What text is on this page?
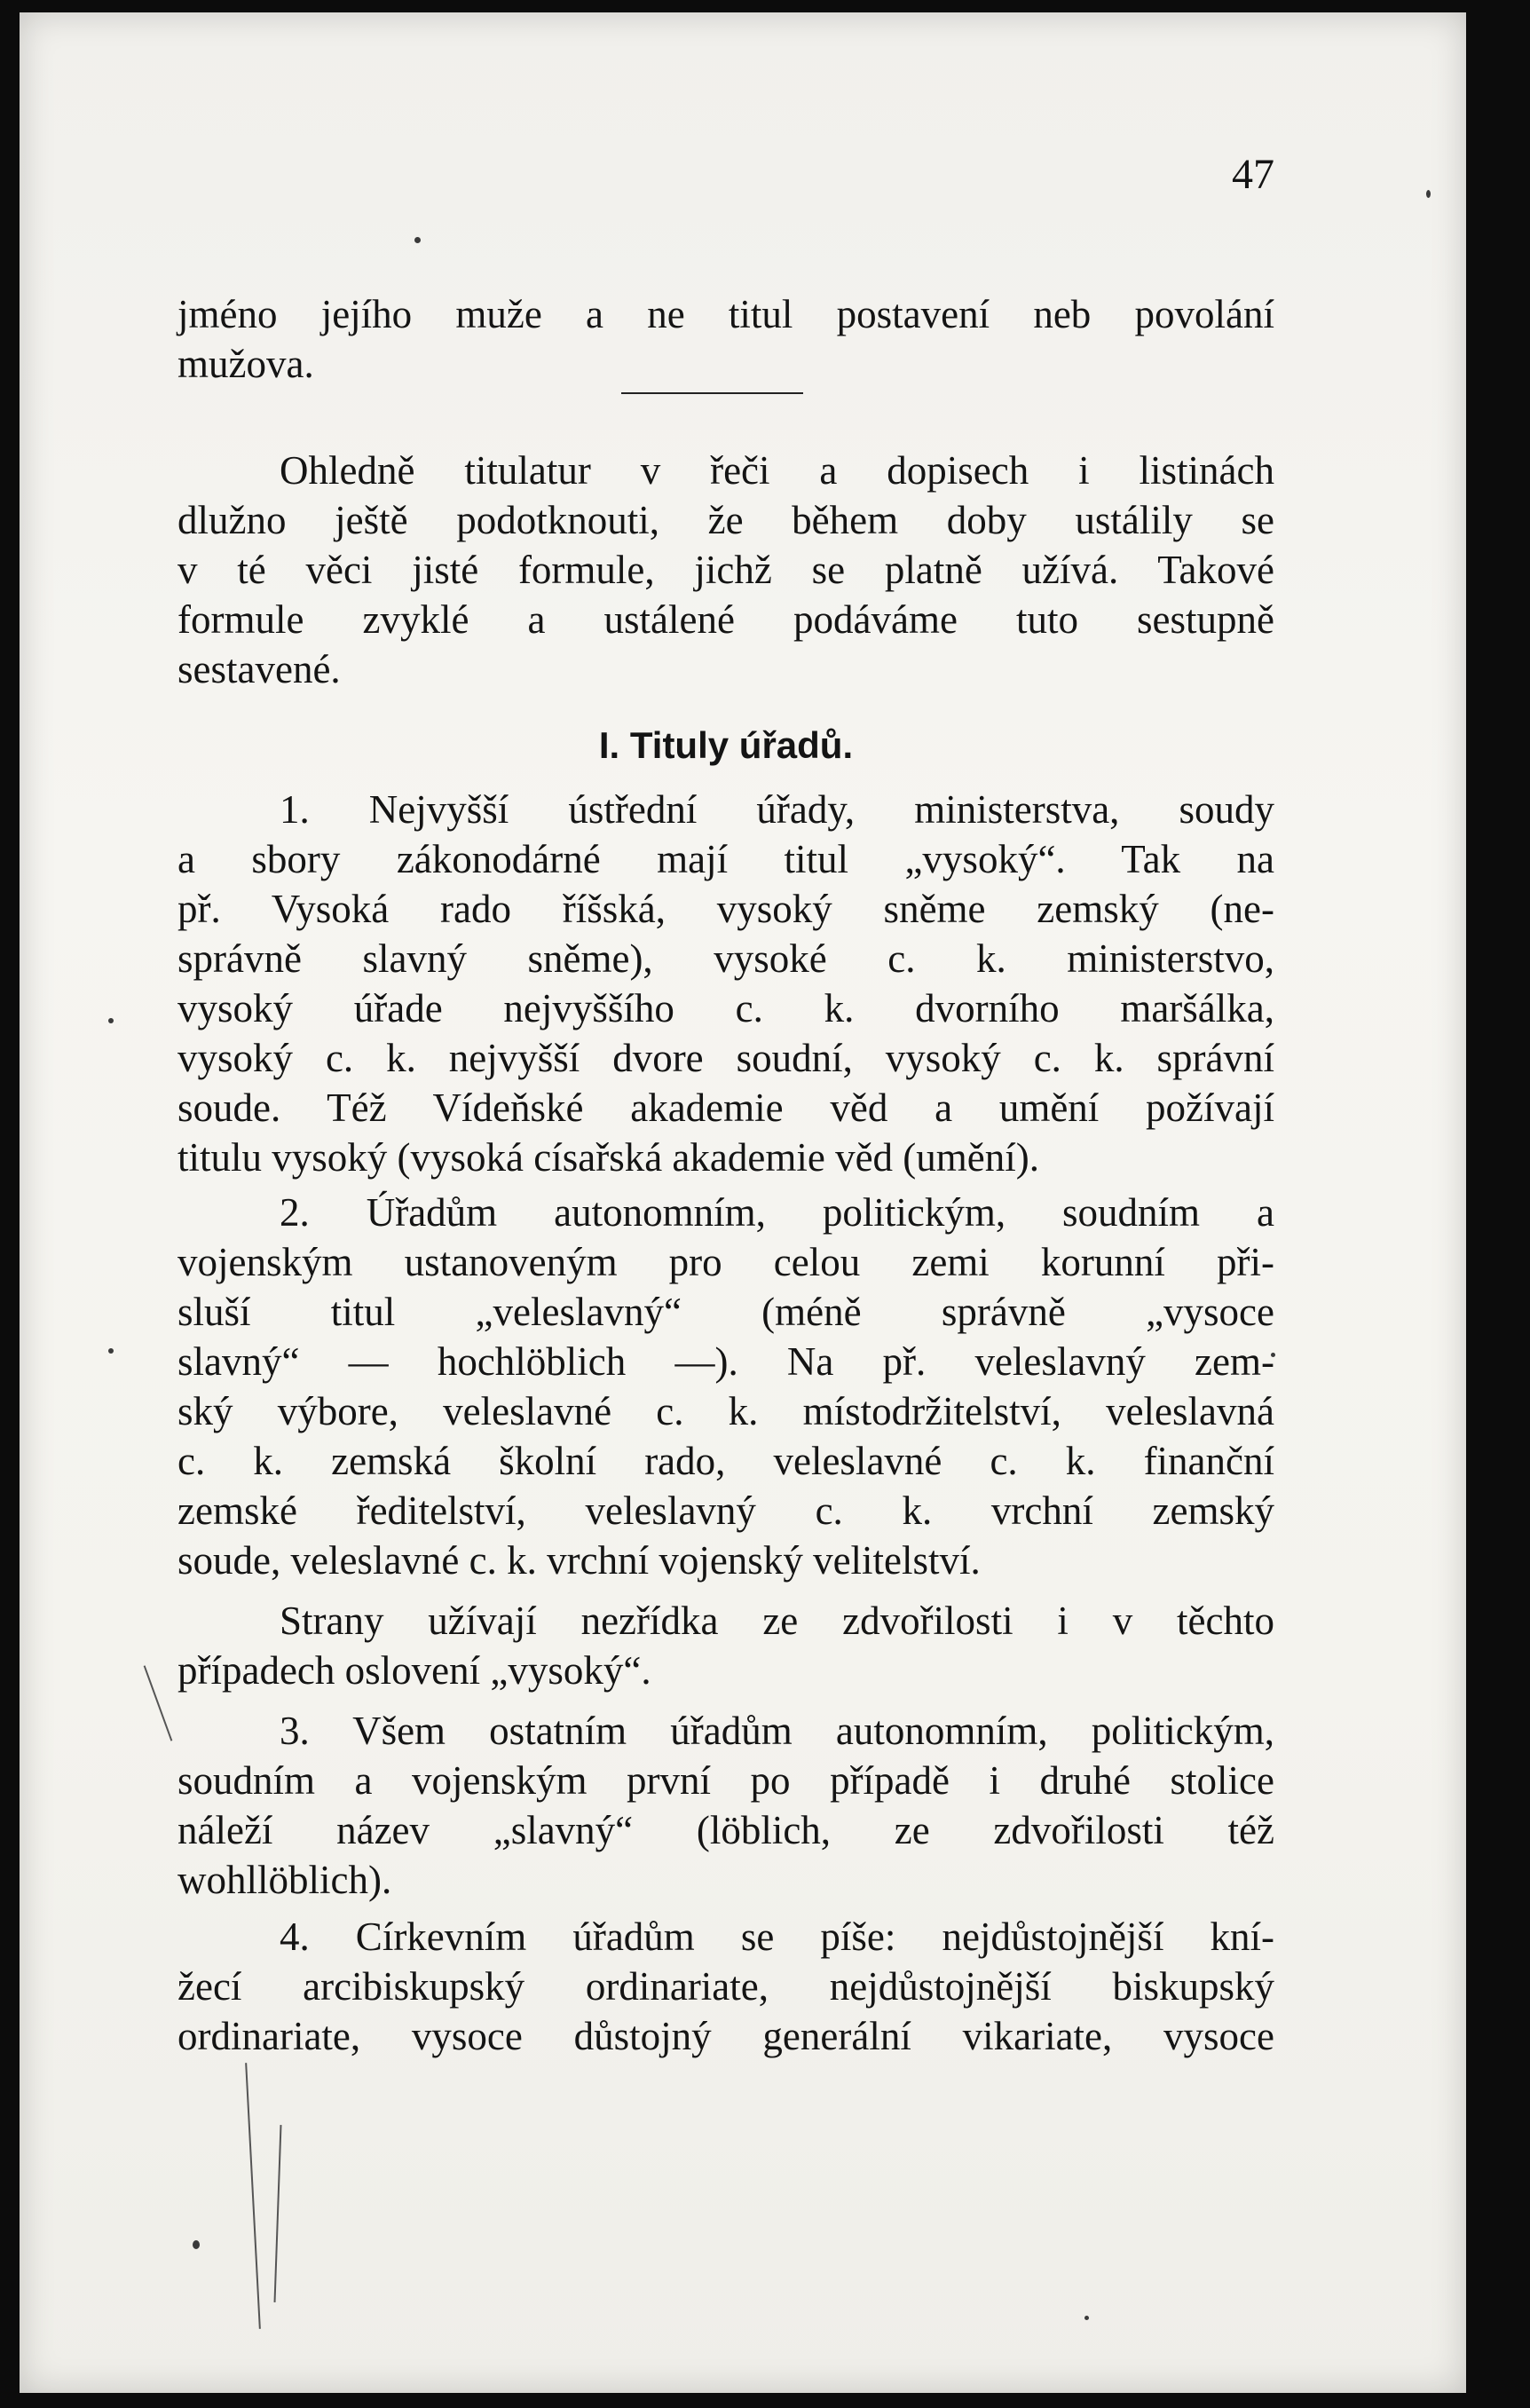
47
jméno jejího muže a ne titul postavení neb povolání
mužova.
Ohledně titulatur v řeči a dopisech i listinách
dlužno ještě podotknouti, že během doby ustálily se
v té věci jisté formule, jichž se platně užívá. Takové
formule zvyklé a ustálené podáváme tuto sestupně
sestavené.
I. Tituly úřadů.
1. Nejvyšší ústřední úřady, ministerstva, soudy
a sbory zákonodárné mají titul „vysoký“. Tak na
př. Vysoká rado říšská, vysoký sněme zemský (ne-
správně slavný sněme), vysoké c. k. ministerstvo,
vysoký úřade nejvyššího c. k. dvorního maršálka,
vysoký c. k. nejvyšší dvore soudní, vysoký c. k. správní
soude. Též Vídeňské akademie věd a umění požívají
titulu vysoký (vysoká císařská akademie věd (umění).
2. Úřadům autonomním, politickým, soudním a
vojenským ustanoveným pro celou zemi korunní při-
sluší titul „veleslavný“ (méně správně „vysoce
slavný“ — hochlöblich —). Na př. veleslavný zem-
ský výbore, veleslavné c. k. místodržitelství, veleslavná
c. k. zemská školní rado, veleslavné c. k. finanční
zemské ředitelství, veleslavný c. k. vrchní zemský
soude, veleslavné c. k. vrchní vojenský velitelství.
Strany užívají nezřídka ze zdvořilosti i v těchto
případech oslovení „vysoký“.
3. Všem ostatním úřadům autonomním, politickým,
soudním a vojenským první po případě i druhé stolice
náleží název „slavný“ (löblich, ze zdvořilosti též
wohllöblich).
4. Církevním úřadům se píše: nejdůstojnější kní-
žecí arcibiskupský ordinariate, nejdůstojnější biskupský
ordinariate, vysoce důstojný generální vikariate, vysoce
